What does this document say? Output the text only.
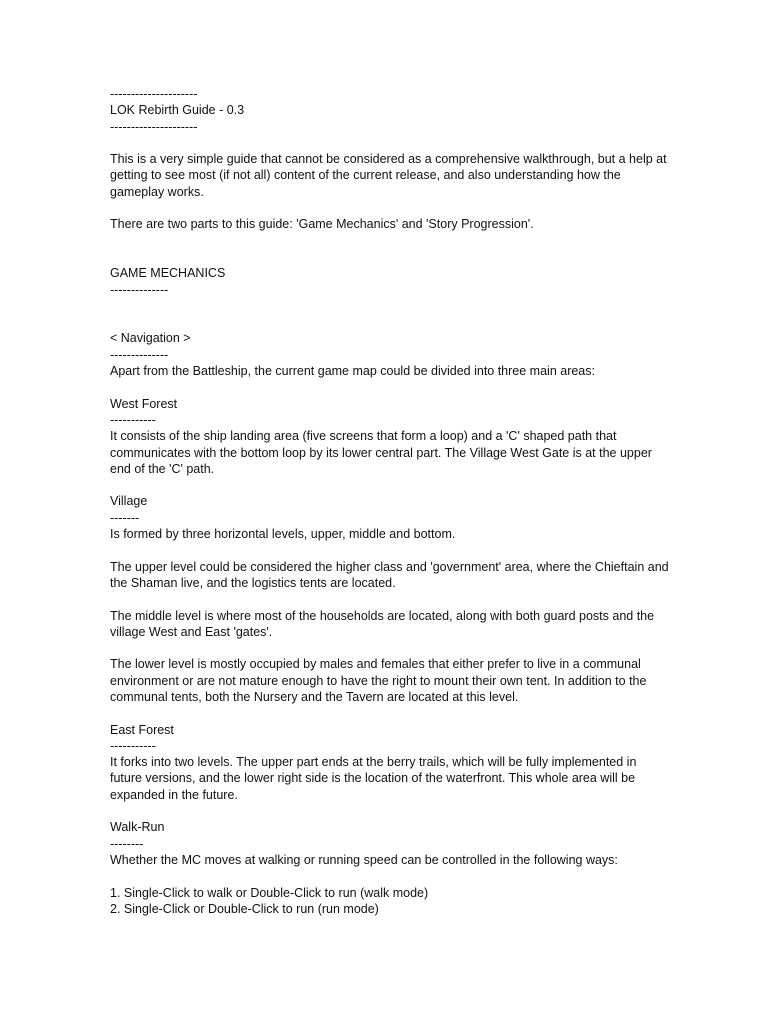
---------------------
LOK Rebirth Guide - 0.3
---------------------
This is a very simple guide that cannot be considered as a comprehensive walkthrough, but a help at getting to see most (if not all) content of the current release, and also understanding how the gameplay works.
There are two parts to this guide: 'Game Mechanics' and 'Story Progression'.
GAME MECHANICS
--------------
< Navigation >
--------------
Apart from the Battleship, the current game map could be divided into three main areas:
West Forest
-----------
It consists of the ship landing area (five screens that form a loop) and a 'C' shaped path that communicates with the bottom loop by its lower central part. The Village West Gate is at the upper end of the 'C' path.
Village
-------
Is formed by three horizontal levels, upper, middle and bottom.
The upper level could be considered the higher class and 'government' area, where the Chieftain and the Shaman live, and the logistics tents are located.
The middle level is where most of the households are located, along with both guard posts and the village West and East 'gates'.
The lower level is mostly occupied by males and females that either prefer to live in a communal environment or are not mature enough to have the right to mount their own tent. In addition to the communal tents, both the Nursery and the Tavern are located at this level.
East Forest
-----------
It forks into two levels. The upper part ends at the berry trails, which will be fully implemented in future versions, and the lower right side is the location of the waterfront. This whole area will be expanded in the future.
Walk-Run
--------
Whether the MC moves at walking or running speed can be controlled in the following ways:
1. Single-Click to walk or Double-Click to run (walk mode)
2. Single-Click or Double-Click to run (run mode)
